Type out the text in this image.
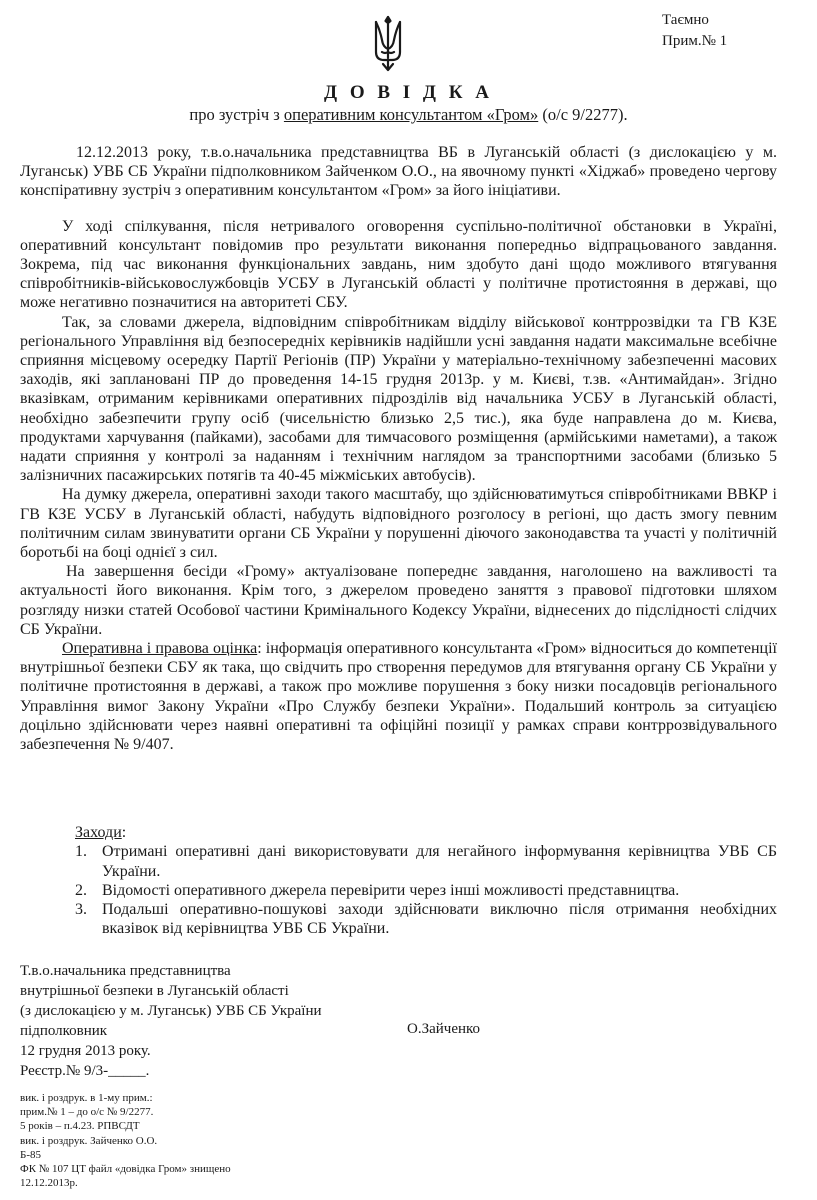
Таємно
Прим.№ 1
Д О В І Д К А
про зустріч з оперативним консультантом «Гром» (о/с 9/2277).

12.12.2013 року, т.в.о.начальника представництва ВБ в Луганській області (з дислокацією у м. Луганськ) УВБ СБ України підполковником Зайченком О.О., на явочному пункті «Хіджаб» проведено чергову конспіративну зустріч з оперативним консультантом «Гром» за його ініціативи.

У ході спілкування, після нетривалого оговорення суспільно-політичної обстановки в Україні, оперативний консультант повідомив про результати виконання попередньо відпрацьованого завдання. Зокрема, під час виконання функціональних завдань, ним здобуто дані щодо можливого втягування співробітників-військовослужбовців УСБУ в Луганській області у політичне протистояння в державі, що може негативно позначитися на авторитеті СБУ.

Так, за словами джерела, відповідним співробітникам відділу військової контррозвідки та ГВ КЗЕ регіонального Управління від безпосередніх керівників надійшли усні завдання надати максимальне всебічне сприяння місцевому осередку Партії Регіонів (ПР) України у матеріально-технічному забезпеченні масових заходів, які заплановані ПР до проведення 14-15 грудня 2013р. у м. Києві, т.зв. «Антимайдан». Згідно вказівкам, отриманим керівниками оперативних підрозділів від начальника УСБУ в Луганській області, необхідно забезпечити групу осіб (чисельністю близько 2,5 тис.), яка буде направлена до м. Києва, продуктами харчування (пайками), засобами для тимчасового розміщення (армійськими наметами), а також надати сприяння у контролі за наданням і технічним наглядом за транспортними засобами (близько 5 залізничних пасажирських потягів та 40-45 міжміських автобусів).

На думку джерела, оперативні заходи такого масштабу, що здійснюватимуться співробітниками ВВКР і ГВ КЗЕ УСБУ в Луганській області, набудуть відповідного розголосу в регіоні, що дасть змогу певним політичним силам звинуватити органи СБ України у порушенні діючого законодавства та участі у політичній боротьбі на боці однієї з сил.

На завершення бесіди «Грому» актуалізоване попереднє завдання, наголошено на важливості та актуальності його виконання. Крім того, з джерелом проведено заняття з правової підготовки шляхом розгляду низки статей Особової частини Кримінального Кодексу України, віднесених до підслідності слідчих СБ України.

Оперативна і правова оцінка: інформація оперативного консультанта «Гром» відноситься до компетенції внутрішньої безпеки СБУ як така, що свідчить про створення передумов для втягування органу СБ України у політичне протистояння в державі, а також про можливе порушення з боку низки посадовців регіонального Управління вимог Закону України «Про Службу безпеки України». Подальший контроль за ситуацією доцільно здійснювати через наявні оперативні та офіційні позиції у рамках справи контррозвідувального забезпечення № 9/407.

Заходи:
1. Отримані оперативні дані використовувати для негайного інформування керівництва УВБ СБ України.
2. Відомості оперативного джерела перевірити через інші можливості представництва.
3. Подальші оперативно-пошукові заходи здійснювати виключно після отримання необхідних вказівок від керівництва УВБ СБ України.
Т.в.о.начальника представництва
внутрішньої безпеки в Луганській області
(з дислокацією у м. Луганськ) УВБ СБ України
підполковник
12 грудня 2013 року.
Реєстр.№ 9/3-_____.
О.Зайченко
вик. і роздрук. в 1-му прим.:
прим.№ 1 – до о/с № 9/2277.
5 років – п.4.23. РПВСДТ
вик. і роздрук. Зайченко О.О.
Б-85
ФК № 107 ЦТ файл «довідка Гром» знищено
12.12.2013р.
